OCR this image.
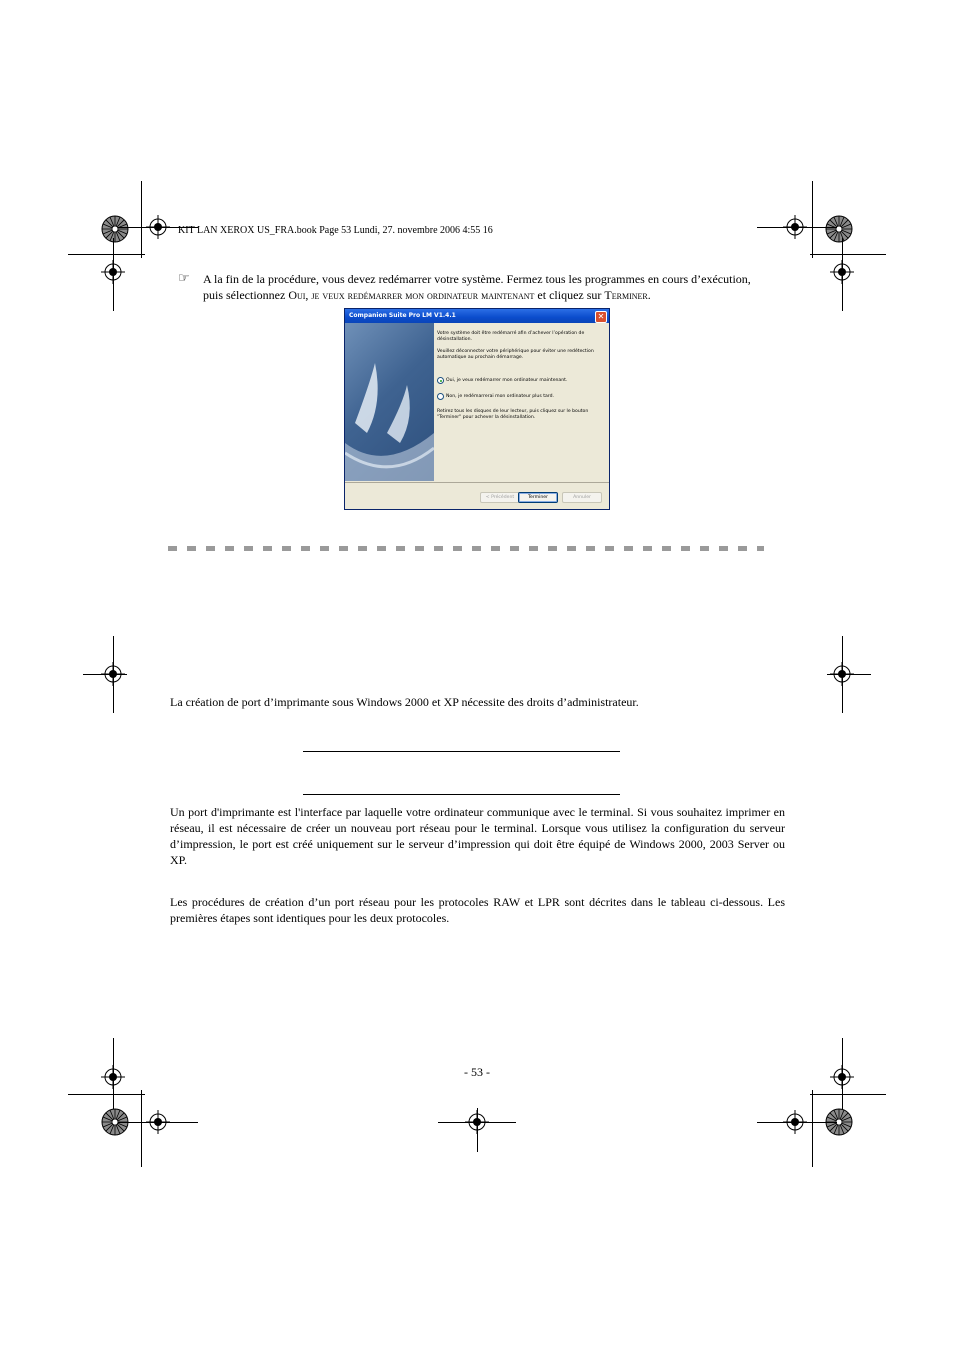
KIT LAN XEROX US_FRA.book Page 53 Lundi, 27. novembre 2006 4:55 16
☞ A la fin de la procédure, vous devez redémarrer votre système. Fermez tous les programmes en cours d’exécution,
puis sélectionnez Oui, je veux redémarrer mon ordinateur maintenant et cliquez sur Terminer.
Companion Suite Pro LM V1.4.1	✕

Votre système doit être redémarré afin d’achever l’opération de désinstallation.

Veuillez déconnecter votre périphérique pour éviter une redétection automatique au prochain démarrage.

Oui, je veux redémarrer mon ordinateur maintenant.
Non, je redémarrerai mon ordinateur plus tard.

Retirez tous les disques de leur lecteur, puis cliquez sur le bouton "Terminer" pour achever la désinstallation.

< Précédent	Terminer	Annuler
La création de port d’imprimante sous Windows 2000 et XP nécessite des droits d’administrateur.
Un port d'imprimante est l'interface par laquelle votre ordinateur communique avec le terminal. Si vous souhaitez imprimer en réseau, il est nécessaire de créer un nouveau port réseau pour le terminal. Lorsque vous utilisez la configuration du serveur d’impression, le port est créé uniquement sur le serveur d’impression qui doit être équipé de Windows 2000, 2003 Server ou XP.
Les procédures de création d’un port réseau pour les protocoles RAW et LPR sont décrites dans le tableau ci-dessous. Les premières étapes sont identiques pour les deux protocoles.
- 53 -
